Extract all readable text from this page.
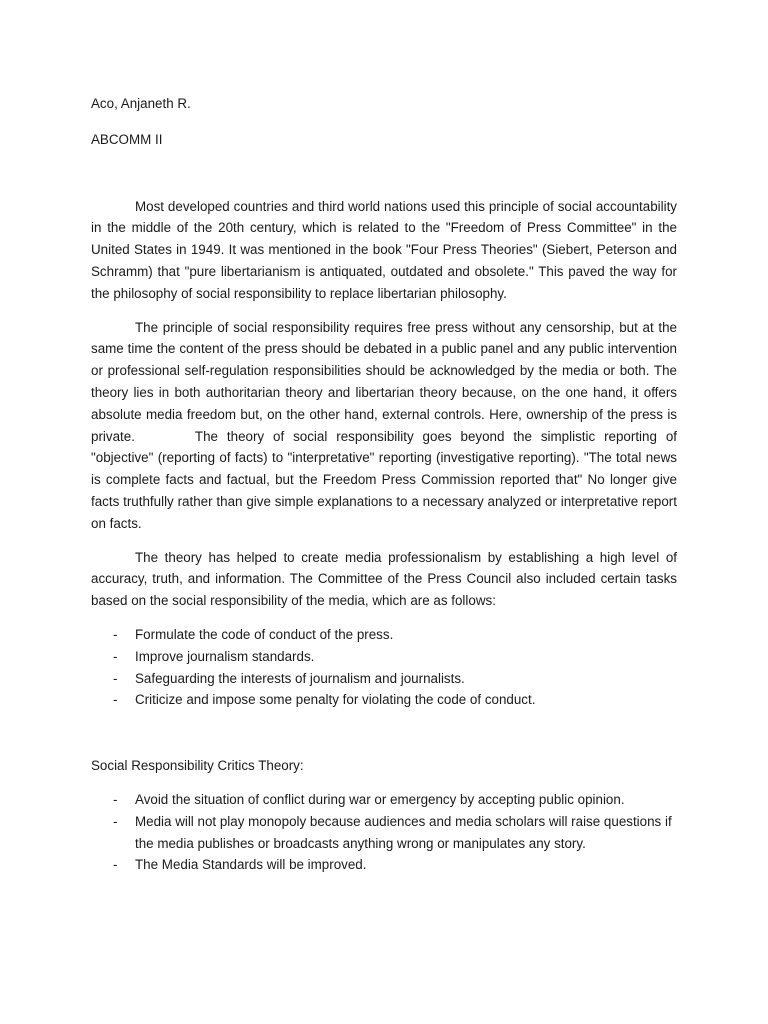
Aco, Anjaneth R.

ABCOMM II

Most developed countries and third world nations used this principle of social accountability in the middle of the 20th century, which is related to the "Freedom of Press Committee" in the United States in 1949. It was mentioned in the book "Four Press Theories" (Siebert, Peterson and Schramm) that "pure libertarianism is antiquated, outdated and obsolete." This paved the way for the philosophy of social responsibility to replace libertarian philosophy.

The principle of social responsibility requires free press without any censorship, but at the same time the content of the press should be debated in a public panel and any public intervention or professional self-regulation responsibilities should be acknowledged by the media or both. The theory lies in both authoritarian theory and libertarian theory because, on the one hand, it offers absolute media freedom but, on the other hand, external controls. Here, ownership of the press is private.	The theory of social responsibility goes beyond the simplistic reporting of "objective" (reporting of facts) to "interpretative" reporting (investigative reporting). "The total news is complete facts and factual, but the Freedom Press Commission reported that" No longer give facts truthfully rather than give simple explanations to a necessary analyzed or interpretative report on facts.

The theory has helped to create media professionalism by establishing a high level of accuracy, truth, and information. The Committee of the Press Council also included certain tasks based on the social responsibility of the media, which are as follows:

- Formulate the code of conduct of the press.
- Improve journalism standards.
- Safeguarding the interests of journalism and journalists.
- Criticize and impose some penalty for violating the code of conduct.

Social Responsibility Critics Theory:

- Avoid the situation of conflict during war or emergency by accepting public opinion.
- Media will not play monopoly because audiences and media scholars will raise questions if the media publishes or broadcasts anything wrong or manipulates any story.
- The Media Standards will be improved.
